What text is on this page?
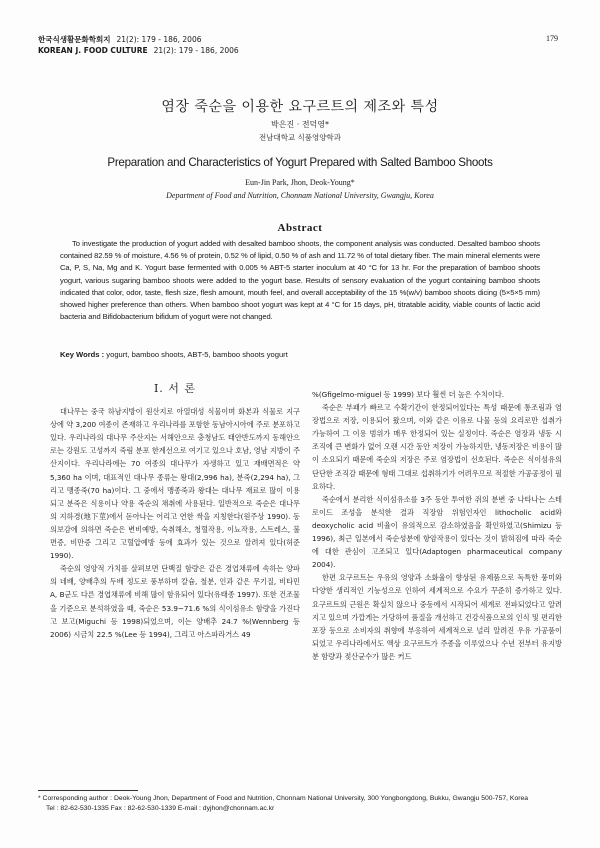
한국식생활문화학회지 21(2): 179 - 186, 2006
KOREAN J. FOOD CULTURE 21(2): 179 - 186, 2006
179
염장 죽순을 이용한 요구르트의 제조와 특성
박은진 · 전덕영*
전남대학교 식품영양학과
Preparation and Characteristics of Yogurt Prepared with Salted Bamboo Shoots
Eun-Jin Park, Jhon, Deok-Young*
Department of Food and Nutrition, Chonnam National University, Gwangju, Korea
Abstract

To investigate the production of yogurt added with desalted bamboo shoots, the component analysis was conducted. Desalted bamboo shoots contained 82.59 % of moisture, 4.56 % of protein, 0.52 % of lipid, 0.50 % of ash and 11.72 % of total dietary fiber. The main mineral elements were Ca, P, S, Na, Mg and K. Yogurt base fermented with 0.005 % ABT-5 starter inoculum at 40 °C for 13 hr. For the preparation of bamboo shoots yogurt, various sugaring bamboo shoots were added to the yogurt base. Results of sensory evaluation of the yogurt containing bamboo shoots indicated that color, odor, taste, flesh size, flesh amount, mouth feel, and overall acceptability of the 15 %(w/v) bamboo shoots dicing (5×5×5 mm) showed higher preference than others. When bamboo shoot yogurt was kept at 4 °C for 15 days, pH, titratable acidity, viable counts of lactic acid bacteria and Bifidobacterium bifidum of yogurt were not changed.

Key Words : yogurt, bamboo shoots, ABT-5, bamboo shoots yogurt
Ⅰ. 서 론

대나무는 중국 하남지방이 원산지로 아열대성 식물이며 화본과 식물로 지구상에 약 3,200 여종이 존재하고 우리나라를 포함한 동남아시아에 주로 분포하고 있다. 우리나라의 대나무 주산지는 서해안으로 충청남도 태안반도까지 동해안으로는 강원도 고성까지 죽림 분포 한계선으로 여기고 있으나 호남, 영남 지방이 주산지이다. 우리나라에는 70 여종의 대나무가 자생하고 있고 재배면적은 약 5,360 ha 이며, 대표적인 대나무 종류는 왕대(2,996 ha), 분죽(2,294 ha), 그리고 맹종죽(70 ha)이다. 그 중에서 맹종죽과 왕대는 대나무 재료로 많이 이용되고 분죽은 식용이나 약용 죽순의 채취에 사용된다. 일반적으로 죽순은 대나무의 지하경(地下莖)에서 돋아나는 어리고 연한 싹을 지칭한다(원주상 1990). 동의보감에 의하면 죽순은 변비예방, 숙취해소, 청혈작용, 이뇨작용, 스트레스, 불면증, 비만증 그리고 고혈압예방 등에 효과가 있는 것으로 알려져 있다(허준 1990).

죽순의 영양적 가치를 살펴보면 단백질 함량은 같은 경엽채류에 속하는 양파의 네배, 양배추의 두배 정도로 풍부하며 칼슘, 철분, 인과 같은 무기질, 비타민 A, B군도 다른 경엽채류에 비해 많이 함유되어 있다(유태종 1997). 또한 건조물을 기준으로 분석하였을 때, 죽순은 53.9~71.6 %의 식이섬유소 함량을 가진다고 보고(Miguchi 등 1998)되었으며, 이는 양배추 24.7 %(Wennberg 등 2006) 시금치 22.5 %(Lee 등 1994), 그리고 아스파라거스 49

%(Gfigelmo-miguel 등 1999) 보다 훨씬 더 높은 수치이다.

죽순은 부패가 빠르고 수확기간이 한정되어있다는 특성 때문에 통조림과 염장법으로 저장, 이용되어 왔으며, 이와 같은 이유로 나물 등의 요리로만 섭취가 가능하여 그 이용 범위가 매우 한정되어 있는 실정이다. 죽순은 염장과 냉동 시 조직에 큰 변화가 없어 오랜 시간 동안 저장이 가능하지만, 냉동저장은 비용이 많이 소요되기 때문에 죽순의 저장은 주로 염장법이 선호된다. 죽순은 식이섬유의 단단한 조직감 때문에 형태 그대로 섭취하기가 어려우므로 적절한 가공공정이 필요하다.

죽순에서 분리한 식이섬유소를 3주 동안 투여한 쥐의 분변 중 나타나는 스테로이드 조성을 분석한 결과 직장암 위험인자인 lithocholic acid와 deoxycholic acid 비율이 유의적으로 감소하였음을 확인하였고(Shimizu 등 1996), 최근 일본에서 죽순성분에 항암작용이 있다는 것이 밝혀짐에 따라 죽순에 대한 관심이 고조되고 있다(Adaptogen pharmaceutical company 2004).

한편 요구르트는 우유의 영양과 소화율이 향상된 유제품으로 독특한 풍미와 다양한 생리적인 기능성으로 인하여 세계적으로 수요가 꾸준히 증가하고 있다. 요구르트의 근원은 확실치 않으나 중동에서 시작되어 세계로 전파되었다고 알려지고 있으며 가깝게는 가당하여 품질을 개선하고 건강식품으로의 인식 및 편리한 포장 등으로 소비자의 취향에 부응하여 세계적으로 널리 알려진 우유 가공품이 되었고 우리나라에서도 액상 요구르트가 주종을 이루었으나 수년 전부터 유지방분 함량과 젖산균수가 많은 커드

* Corresponding author : Deok-Young Jhon, Department of Food and Nutrition, Chonnam National University, 300 Yongbongdong, Bukku, Gwangju 500-757, Korea
Tel : 82-62-530-1335 Fax : 82-62-530-1339 E-mail : dyjhon@chonnam.ac.kr
